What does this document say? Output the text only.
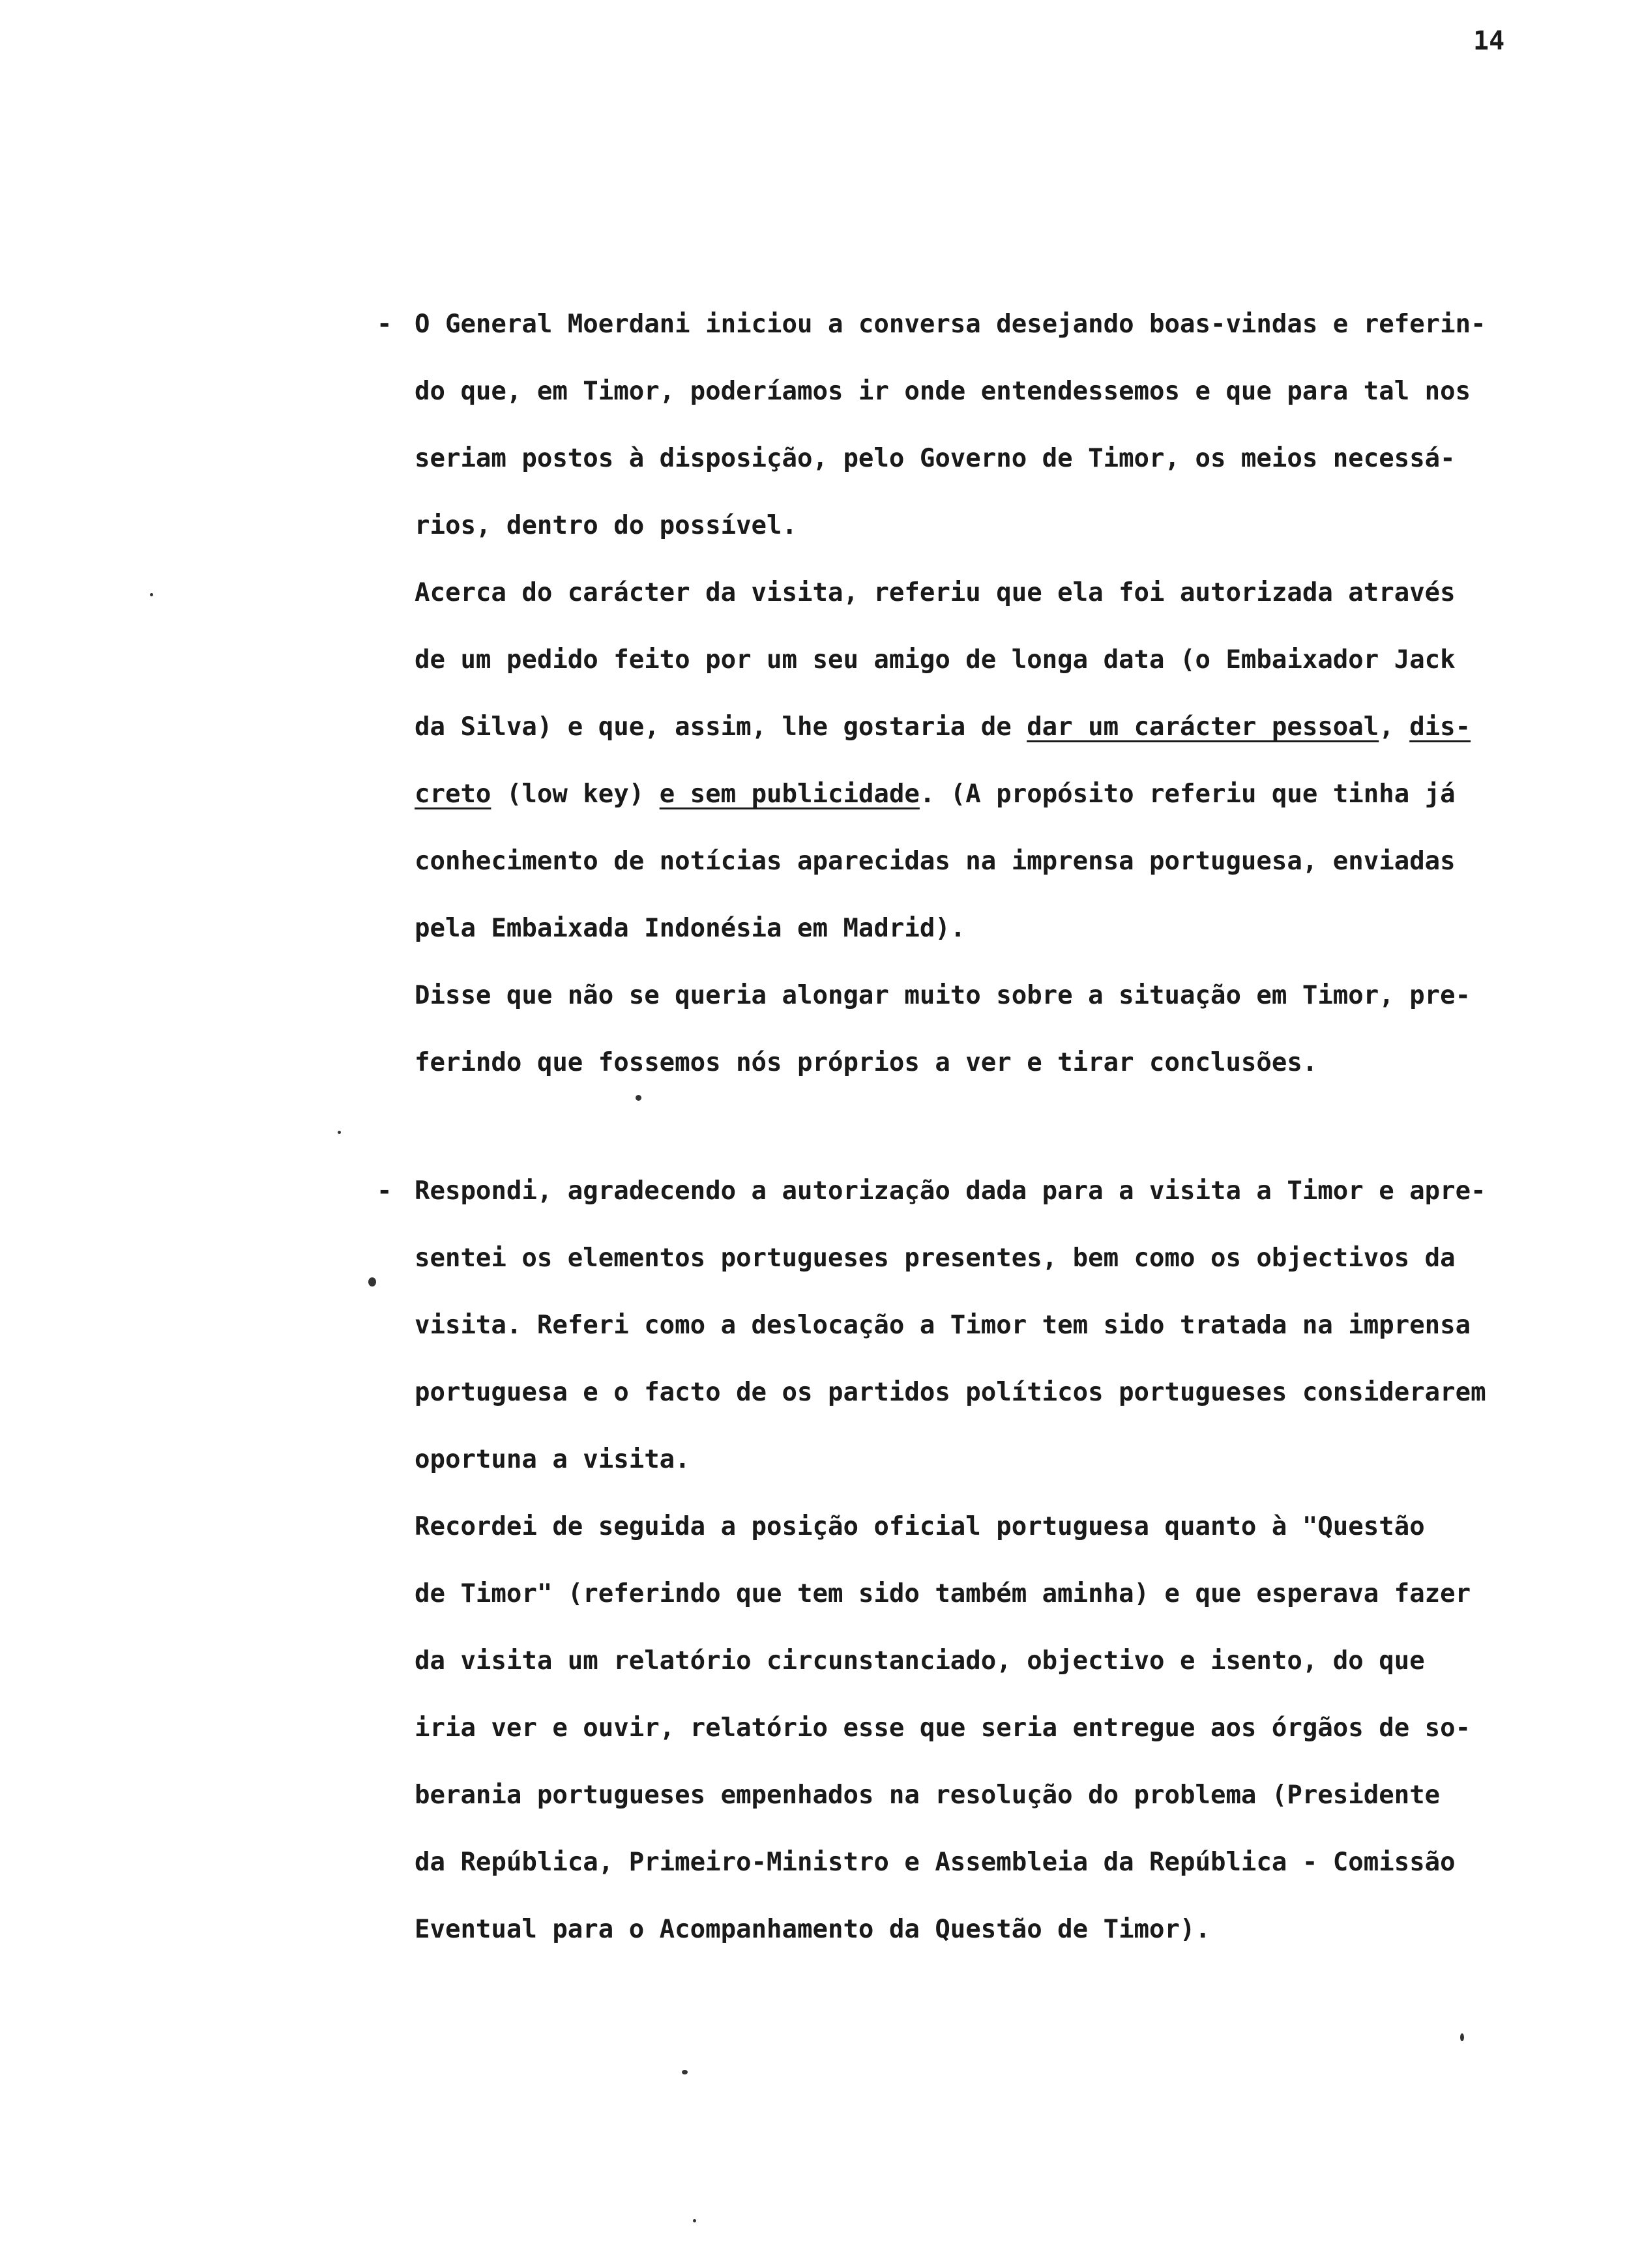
14
- O General Moerdani iniciou a conversa desejando boas-vindas e referin-
do que, em Timor, poderíamos ir onde entendessemos e que para tal nos
seriam postos à disposição, pelo Governo de Timor, os meios necessá-
rios, dentro do possível.
Acerca do carácter da visita, referiu que ela foi autorizada através
de um pedido feito por um seu amigo de longa data (o Embaixador Jack
da Silva) e que, assim, lhe gostaria de dar um carácter pessoal, dis-
creto (low key) e sem publicidade. (A propósito referiu que tinha já
conhecimento de notícias aparecidas na imprensa portuguesa, enviadas
pela Embaixada Indonésia em Madrid).
Disse que não se queria alongar muito sobre a situação em Timor, pre-
ferindo que fossemos nós próprios a ver e tirar conclusões.
- Respondi, agradecendo a autorização dada para a visita a Timor e apre-
sentei os elementos portugueses presentes, bem como os objectivos da
visita. Referi como a deslocação a Timor tem sido tratada na imprensa
portuguesa e o facto de os partidos políticos portugueses considerarem
oportuna a visita.
Recordei de seguida a posição oficial portuguesa quanto à "Questão
de Timor" (referindo que tem sido também aminha) e que esperava fazer
da visita um relatório circunstanciado, objectivo e isento, do que
iria ver e ouvir, relatório esse que seria entregue aos órgãos de so-
berania portugueses empenhados na resolução do problema (Presidente
da República, Primeiro-Ministro e Assembleia da República - Comissão
Eventual para o Acompanhamento da Questão de Timor).
